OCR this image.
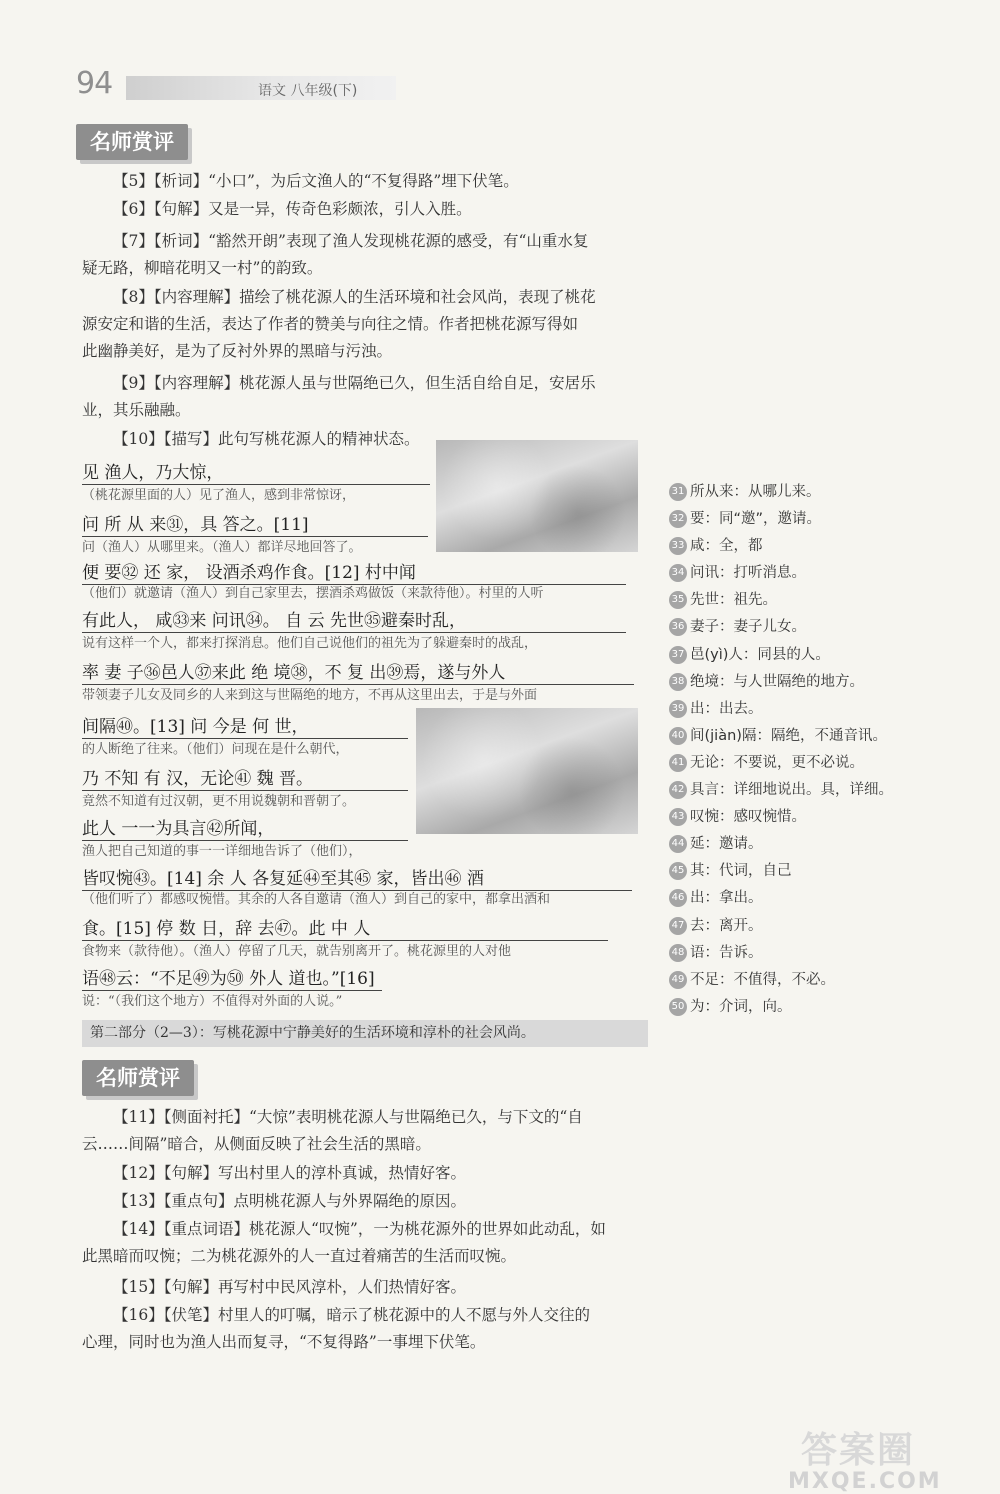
94	语文 八年级(下)
名师赏评
【5】【析词】“小口”，为后文渔人的“不复得路”埋下伏笔。
【6】【句解】又是一异，传奇色彩颇浓，引人入胜。
【7】【析词】“豁然开朗”表现了渔人发现桃花源的感受，有“山重水复
疑无路，柳暗花明又一村”的韵致。
【8】【内容理解】描绘了桃花源人的生活环境和社会风尚，表现了桃花
源安定和谐的生活，表达了作者的赞美与向往之情。作者把桃花源写得如
此幽静美好，是为了反衬外界的黑暗与污浊。
【9】【内容理解】桃花源人虽与世隔绝已久，但生活自给自足，安居乐
业，其乐融融。
【10】【描写】此句写桃花源人的精神状态。
见 渔人，乃大惊，
（桃花源里面的人）见了渔人，感到非常惊讶，
问 所 从 来㉛，具 答之。[11]
问（渔人）从哪里来。（渔人）都详尽地回答了。
便 要㉜ 还 家， 设酒杀鸡作食。[12] 村中闻
（他们）就邀请（渔人）到自己家里去，摆酒杀鸡做饭（来款待他）。村里的人听
有此人， 咸㉝来 问讯㉞。 自 云 先世㉟避秦时乱，
说有这样一个人，都来打探消息。他们自己说他们的祖先为了躲避秦时的战乱，
率 妻 子㊱邑人㊲来此 绝 境㊳，不 复 出㊴焉，遂与外人
带领妻子儿女及同乡的人来到这与世隔绝的地方，不再从这里出去，于是与外面
间隔㊵。[13] 问 今是 何 世，
的人断绝了往来。（他们）问现在是什么朝代，
乃 不知 有 汉，无论㊶ 魏 晋。
竟然不知道有过汉朝，更不用说魏朝和晋朝了。
此人 一一为具言㊷所闻，
渔人把自己知道的事一一详细地告诉了（他们），
皆叹惋㊸。[14] 余 人 各复延㊹至其㊺ 家，皆出㊻ 酒
（他们听了）都感叹惋惜。其余的人各自邀请（渔人）到自己的家中，都拿出酒和
食。[15] 停 数 日，辞 去㊼。此 中 人
食物来（款待他）。（渔人）停留了几天，就告别离开了。桃花源里的人对他
语㊽云：“不足㊾为㊿ 外人 道也。”[16]
说：“（我们这个地方）不值得对外面的人说。”
第二部分（2—3）：写桃花源中宁静美好的生活环境和淳朴的社会风尚。
31 所从来：从哪儿来。
32 要：同“邀”，邀请。
33 咸：全，都
34 问讯：打听消息。
35 先世：祖先。
36 妻子：妻子儿女。
37 邑(yì)人：同县的人。
38 绝境：与人世隔绝的地方。
39 出：出去。
40 间(jiàn)隔：隔绝，不通音讯。
41 无论：不要说，更不必说。
42 具言：详细地说出。具，详细。
43 叹惋：感叹惋惜。
44 延：邀请。
45 其：代词，自己
46 出：拿出。
47 去：离开。
48 语：告诉。
49 不足：不值得，不必。
50 为：介词，向。
名师赏评
【11】【侧面衬托】“大惊”表明桃花源人与世隔绝已久，与下文的“自
云……间隔”暗合，从侧面反映了社会生活的黑暗。
【12】【句解】写出村里人的淳朴真诚，热情好客。
【13】【重点句】点明桃花源人与外界隔绝的原因。
【14】【重点词语】桃花源人“叹惋”，一为桃花源外的世界如此动乱，如
此黑暗而叹惋；二为桃花源外的人一直过着痛苦的生活而叹惋。
【15】【句解】再写村中民风淳朴，人们热情好客。
【16】【伏笔】村里人的叮嘱，暗示了桃花源中的人不愿与外人交往的
心理，同时也为渔人出而复寻，“不复得路”一事埋下伏笔。
答案圈
MXQE.COM
